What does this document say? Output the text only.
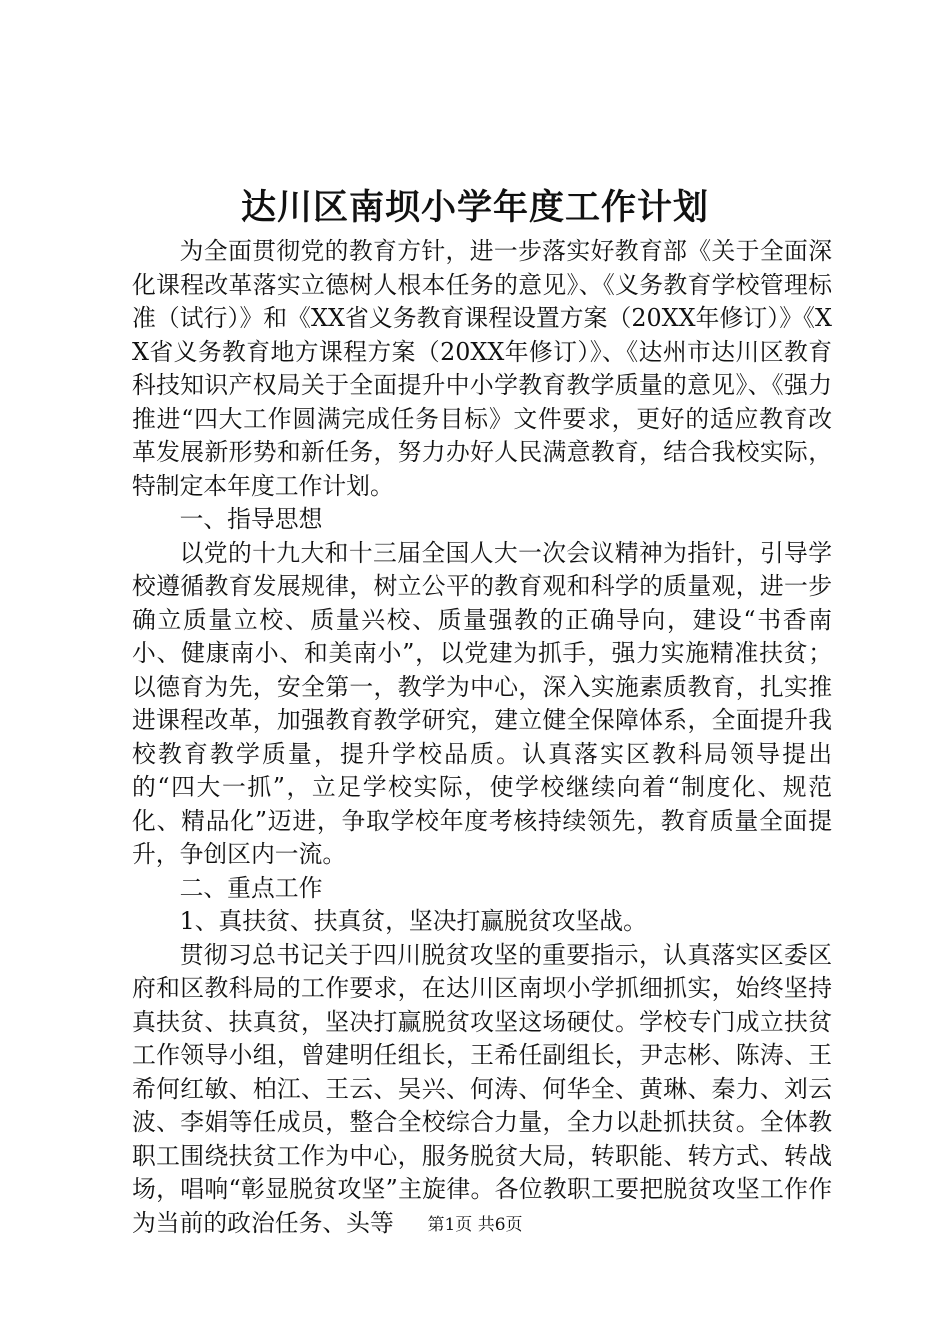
达川区南坝小学年度工作计划

为全面贯彻党的教育方针，进一步落实好教育部《关于全面深化课程改革落实立德树人根本任务的意见》、《义务教育学校管理标准（试行）》和《XX省义务教育课程设置方案（20XX年修订）》《XX省义务教育地方课程方案（20XX年修订）》、《达州市达川区教育科技知识产权局关于全面提升中小学教育教学质量的意见》、《强力推进“四大工作圆满完成任务目标》文件要求，更好的适应教育改革发展新形势和新任务，努力办好人民满意教育，结合我校实际，特制定本年度工作计划。

一、指导思想

以党的十九大和十三届全国人大一次会议精神为指针，引导学校遵循教育发展规律，树立公平的教育观和科学的质量观，进一步确立质量立校、质量兴校、质量强教的正确导向，建设“书香南小、健康南小、和美南小”，以党建为抓手，强力实施精准扶贫；以德育为先，安全第一，教学为中心，深入实施素质教育，扎实推进课程改革，加强教育教学研究，建立健全保障体系，全面提升我校教育教学质量，提升学校品质。认真落实区教科局领导提出的“四大一抓”，立足学校实际，使学校继续向着“制度化、规范化、精品化”迈进，争取学校年度考核持续领先，教育质量全面提升，争创区内一流。

二、重点工作

1、真扶贫、扶真贫，坚决打赢脱贫攻坚战。

贯彻习总书记关于四川脱贫攻坚的重要指示，认真落实区委区府和区教科局的工作要求，在达川区南坝小学抓细抓实，始终坚持真扶贫、扶真贫，坚决打赢脱贫攻坚这场硬仗。学校专门成立扶贫工作领导小组，曾建明任组长，王希任副组长，尹志彬、陈涛、王希何红敏、柏江、王云、吴兴、何涛、何华全、黄琳、秦力、刘云波、李娟等任成员，整合全校综合力量，全力以赴抓扶贫。全体教职工围绕扶贫工作为中心，服务脱贫大局，转职能、转方式、转战场，唱响“彰显脱贫攻坚”主旋律。各位教职工要把脱贫攻坚工作作为当前的政治任务、头等	第1页 共6页
